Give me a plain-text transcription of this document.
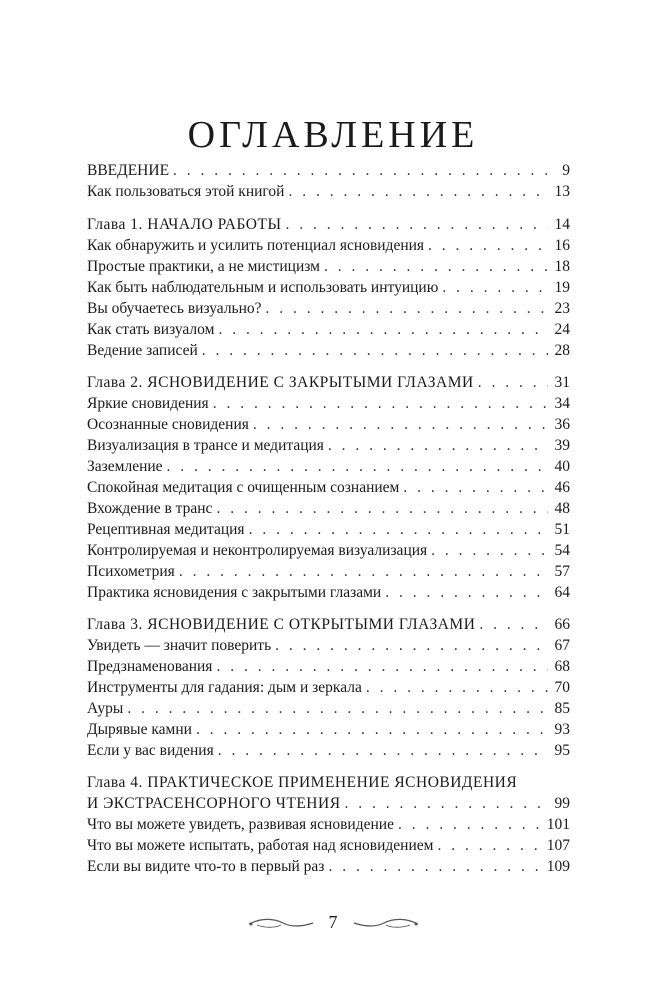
ОГЛАВЛЕНИЕ
ВВЕДЕНИЕ . . .	9
Как пользоваться этой книгой . . .	13
Глава 1. НАЧАЛО РАБОТЫ . . .	14
Как обнаружить и усилить потенциал ясновидения . . .	16
Простые практики, а не мистицизм . . .	18
Как быть наблюдательным и использовать интуицию . . .	19
Вы обучаетесь визуально? . . .	23
Как стать визуалом . . .	24
Ведение записей . . .	28
Глава 2. ЯСНОВИДЕНИЕ С ЗАКРЫТЫМИ ГЛАЗАМИ . . .	31
Яркие сновидения . . .	34
Осознанные сновидения . . .	36
Визуализация в трансе и медитация . . .	39
Заземление . . .	40
Спокойная медитация с очищенным сознанием . . .	46
Вхождение в транс . . .	48
Рецептивная медитация . . .	51
Контролируемая и неконтролируемая визуализация . . .	54
Психометрия . . .	57
Практика ясновидения с закрытыми глазами . . .	64
Глава 3. ЯСНОВИДЕНИЕ С ОТКРЫТЫМИ ГЛАЗАМИ . . .	66
Увидеть — значит поверить . . .	67
Предзнаменования . . .	68
Инструменты для гадания: дым и зеркала . . .	70
Ауры . . .	85
Дырявые камни . . .	93
Если у вас видения . . .	95
Глава 4. ПРАКТИЧЕСКОЕ ПРИМЕНЕНИЕ ЯСНОВИДЕНИЯ
И ЭКСТРАСЕНСОРНОГО ЧТЕНИЯ . . .	99
Что вы можете увидеть, развивая ясновидение . . .	101
Что вы можете испытать, работая над ясновидением . . .	107
Если вы видите что-то в первый раз . . .	109
7
